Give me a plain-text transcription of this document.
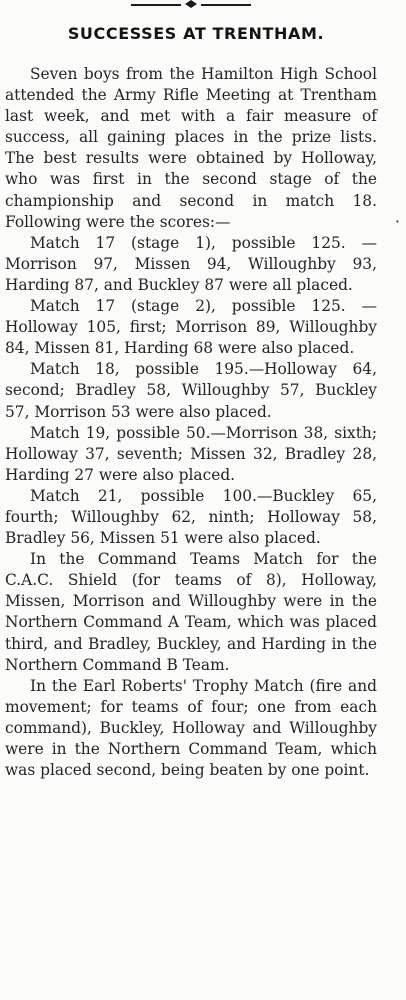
SUCCESSES AT TRENTHAM.

Seven boys from the Hamilton High School attended the Army Rifle Meeting at Trentham last week, and met with a fair measure of success, all gaining places in the prize lists. The best results were obtained by Holloway, who was first in the second stage of the championship and second in match 18. Following were the scores:—

Match 17 (stage 1), possible 125. —Morrison 97, Missen 94, Willoughby 93, Harding 87, and Buckley 87 were all placed.

Match 17 (stage 2), possible 125. —Holloway 105, first; Morrison 89, Willoughby 84, Missen 81, Harding 68 were also placed.

Match 18, possible 195.—Holloway 64, second; Bradley 58, Willoughby 57, Buckley 57, Morrison 53 were also placed.

Match 19, possible 50.—Morrison 38, sixth; Holloway 37, seventh; Missen 32, Bradley 28, Harding 27 were also placed.

Match 21, possible 100.—Buckley 65, fourth; Willoughby 62, ninth; Holloway 58, Bradley 56, Missen 51 were also placed.

In the Command Teams Match for the C.A.C. Shield (for teams of 8), Holloway, Missen, Morrison and Willoughby were in the Northern Command A Team, which was placed third, and Bradley, Buckley, and Harding in the Northern Command B Team.

In the Earl Roberts' Trophy Match (fire and movement; for teams of four; one from each command), Buckley, Holloway and Willoughby were in the Northern Command Team, which was placed second, being beaten by one point.

·
